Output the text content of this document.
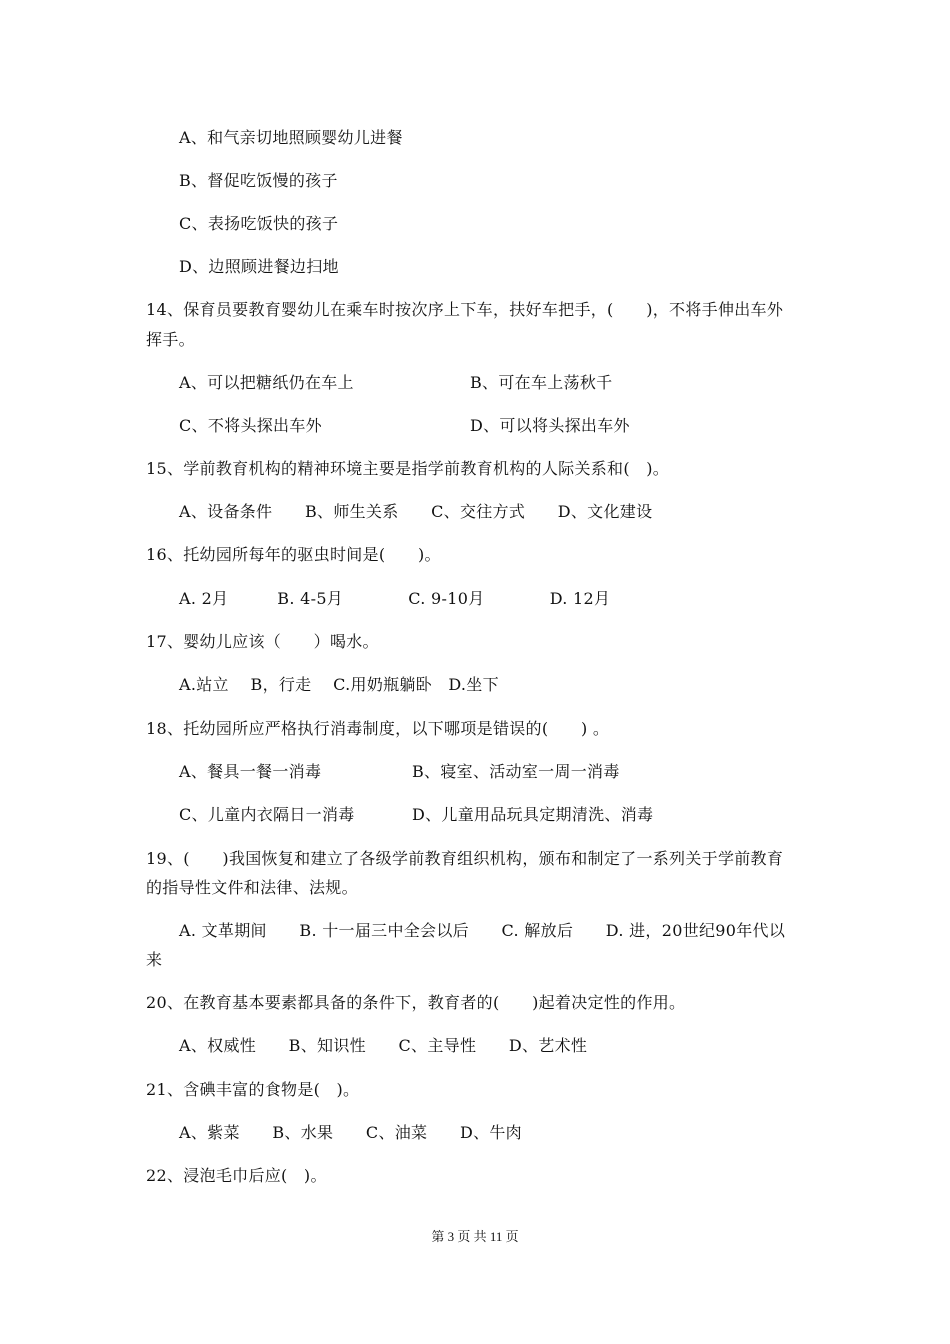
A、和气亲切地照顾婴幼儿进餐
B、督促吃饭慢的孩子
C、表扬吃饭快的孩子
D、边照顾进餐边扫地
14、保育员要教育婴幼儿在乘车时按次序上下车，扶好车把手，(　　)，不将手伸出车外
挥手。
A、可以把糖纸仍在车上	B、可在车上荡秋千
C、不将头探出车外	D、可以将头探出车外
15、学前教育机构的精神环境主要是指学前教育机构的人际关系和(　)。
A、设备条件　　B、师生关系　　C、交往方式　　D、文化建设
16、托幼园所每年的驱虫时间是(　　)。
A. 2月　　　B. 4-5月　　　　C. 9-10月　　　　D. 12月
17、婴幼儿应该（　　）喝水。
A.站立　 B，行走　 C.用奶瓶躺卧　D.坐下
18、托幼园所应严格执行消毒制度，以下哪项是错误的(　　) 。
A、餐具一餐一消毒	B、寝室、活动室一周一消毒
C、儿童内衣隔日一消毒	D、儿童用品玩具定期清洗、消毒
19、(　　)我国恢复和建立了各级学前教育组织机构，颁布和制定了一系列关于学前教育
的指导性文件和法律、法规。
A. 文革期间　　B. 十一届三中全会以后　　C. 解放后　　D. 进，20世纪90年代以
来
20、在教育基本要素都具备的条件下，教育者的(　　)起着决定性的作用。
A、权威性　　B、知识性　　C、主导性　　D、艺术性
21、含碘丰富的食物是(　)。
A、紫菜　　B、水果　　C、油菜　　D、牛肉
22、浸泡毛巾后应(　)。
第 3 页 共 11 页
